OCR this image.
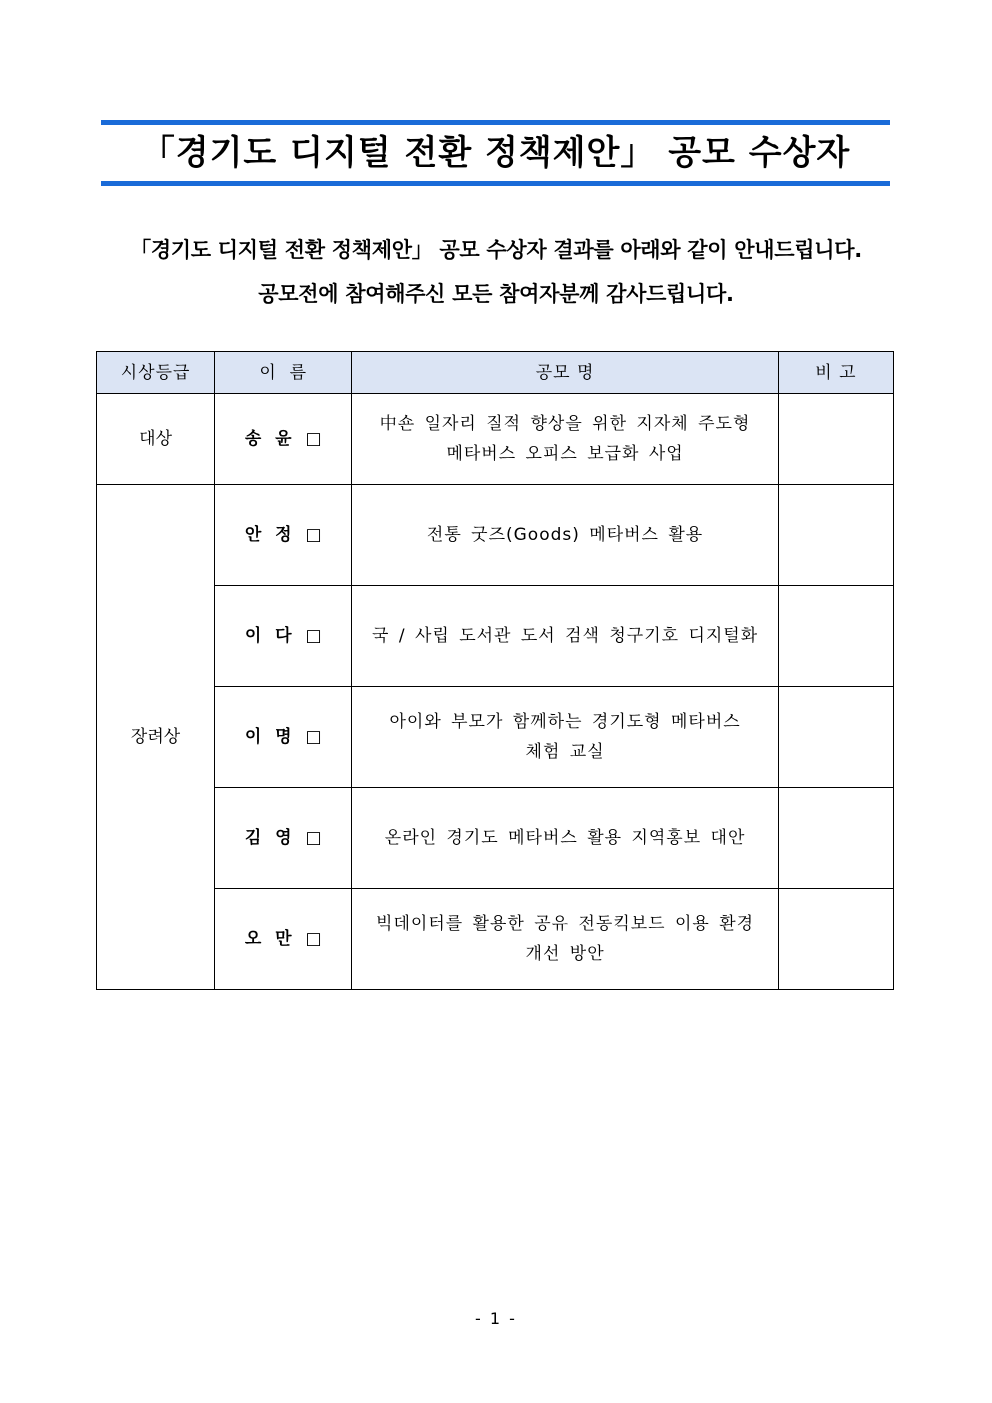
「경기도 디지털 전환 정책제안」 공모 수상자
「경기도 디지털 전환 정책제안」 공모 수상자 결과를 아래와 같이 안내드립니다.
공모전에 참여해주신 모든 참여자분께 감사드립니다.
시상등급	이  름	공모 명	비 고
대상	송 윤 □	中숀 일자리 질적 향상을 위한 지자체 주도형
메타버스 오피스 보급화 사업	

장려상	안 정 □	전통 굿즈(Goods) 메타버스 활용	

	이 다 □	국 / 사립 도서관 도서 검색 청구기호 디지털화	

	이 명 □	아이와 부모가 함께하는 경기도형 메타버스
체험 교실	

	김 영 □	온라인 경기도 메타버스 활용 지역홍보 대안	

	오 만 □	빅데이터를 활용한 공유 전동킥보드 이용 환경
개선 방안	

- 1 -
